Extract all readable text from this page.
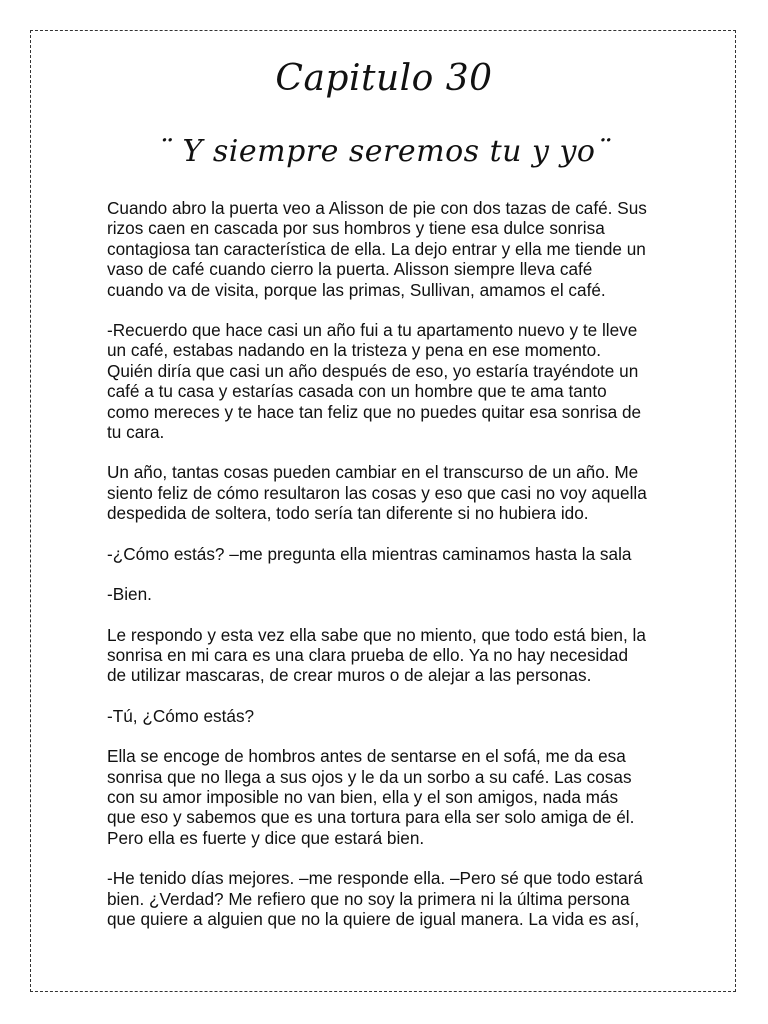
Capitulo 30
¨ Y siempre seremos tu y yo¨

Cuando abro la puerta veo a Alisson de pie con dos tazas de café. Sus
rizos caen en cascada por sus hombros y tiene esa dulce sonrisa
contagiosa tan característica de ella. La dejo entrar y ella me tiende un
vaso de café cuando cierro la puerta. Alisson siempre lleva café
cuando va de visita, porque las primas, Sullivan, amamos el café.

-Recuerdo que hace casi un año fui a tu apartamento nuevo y te lleve
un café, estabas nadando en la tristeza y pena en ese momento.
Quién diría que casi un año después de eso, yo estaría trayéndote un
café a tu casa y estarías casada con un hombre que te ama tanto
como mereces y te hace tan feliz que no puedes quitar esa sonrisa de
tu cara.

Un año, tantas cosas pueden cambiar en el transcurso de un año. Me
siento feliz de cómo resultaron las cosas y eso que casi no voy aquella
despedida de soltera, todo sería tan diferente si no hubiera ido.

-¿Cómo estás? –me pregunta ella mientras caminamos hasta la sala

-Bien.

Le respondo y esta vez ella sabe que no miento, que todo está bien, la
sonrisa en mi cara es una clara prueba de ello. Ya no hay necesidad
de utilizar mascaras, de crear muros o de alejar a las personas.

-Tú, ¿Cómo estás?

Ella se encoge de hombros antes de sentarse en el sofá, me da esa
sonrisa que no llega a sus ojos y le da un sorbo a su café. Las cosas
con su amor imposible no van bien, ella y el son amigos, nada más
que eso y sabemos que es una tortura para ella ser solo amiga de él.
Pero ella es fuerte y dice que estará bien.

-He tenido días mejores. –me responde ella. –Pero sé que todo estará
bien. ¿Verdad? Me refiero que no soy la primera ni la última persona
que quiere a alguien que no la quiere de igual manera. La vida es así,
